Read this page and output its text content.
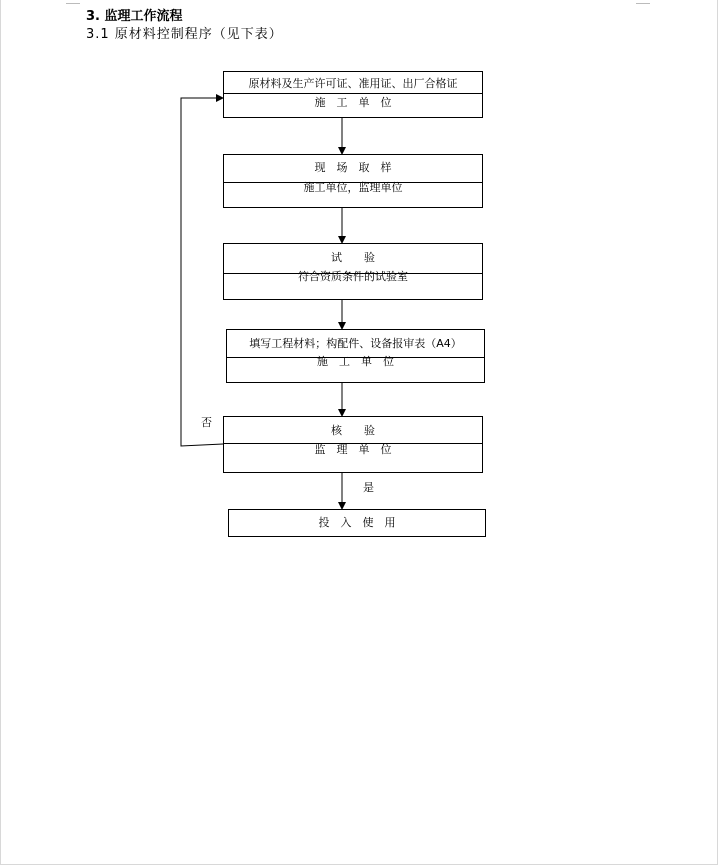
3. 监理工作流程
3.1 原材料控制程序（见下表）
原材料及生产许可证、准用证、出厂合格证
施　工　单　位
现　场　取　样
施工单位，监理单位
试　　验
符合资质条件的试验室
填写工程材料；构配件、设备报审表（A4）
施　工　单　位
核　　验
监　理　单　位
投　入　使　用
否
是
